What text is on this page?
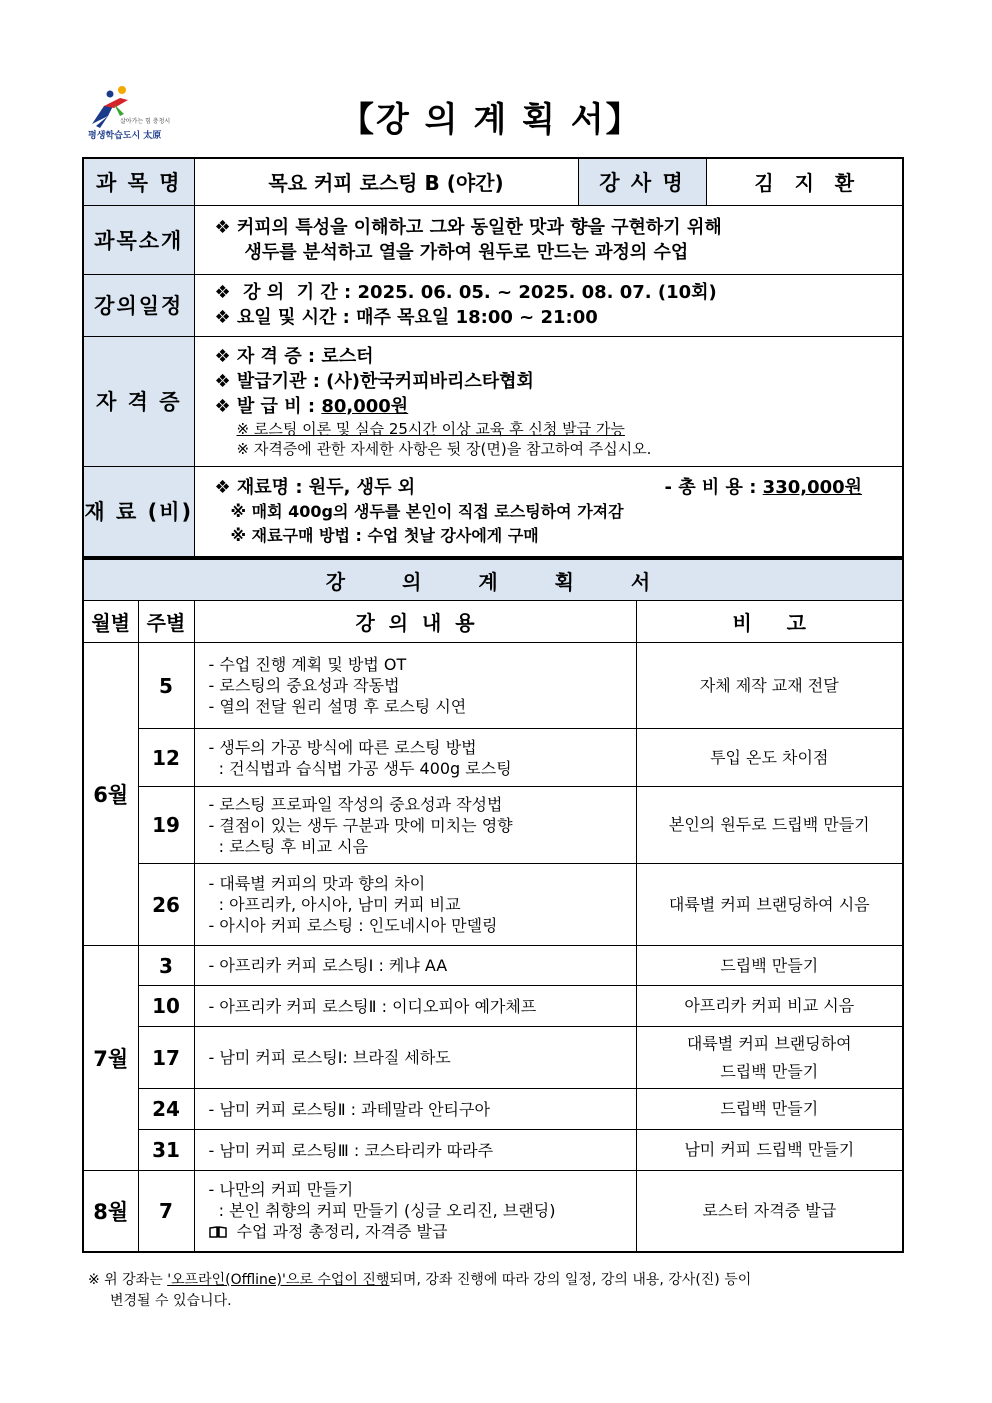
살아가는 힘 충청시
평생학습도시 太原	【강 의 계 획 서】
과 목 명	목요 커피 로스팅 B (야간)	강 사 명	김   지   환
과목소개	❖ 커피의 특성을 이해하고 그와 동일한 맛과 향을 구현하기 위해
생두를 분석하고 열을 가하여 원두로 만드는 과정의 수업		

강의일정	❖  강 의  기 간 : 2025. 06. 05. ~ 2025. 08. 07. (10회)
❖ 요일 및 시간 : 매주 목요일 18:00 ~ 21:00		

자 격 증	❖ 자 격 증 : 로스터
❖ 발급기관 : (사)한국커피바리스타협회
❖ 발 급 비 : 80,000원
※ 로스팅 이론 및 실습 25시간 이상 교육 후 신청 발급 가능
※ 자격증에 관한 자세한 사항은 뒷 장(면)을 참고하여 주십시오.		

재 료 (비)	❖ 재료명 : 원두, 생두 외 - 총 비 용 : 330,000원
※ 매회 400g의 생두를 본인이 직접 로스팅하여 가져감
※ 재료구매 방법 : 수업 첫날 강사에게 구매		
강 의 계 획 서			
월별	주별	강  의  내  용	비     고
6월	5	- 수업 진행 계획 및 방법 OT
- 로스팅의 중요성과 작동법
- 열의 전달 원리 설명 후 로스팅 시연	자체 제작 교재 전달

	12	- 생두의 가공 방식에 따른 로스팅 방법
: 건식법과 습식법 가공 생두 400g 로스팅	투입 온도 차이점

	19	- 로스팅 프로파일 작성의 중요성과 작성법
- 결점이 있는 생두 구분과 맛에 미치는 영향
: 로스팅 후 비교 시음	본인의 원두로 드립백 만들기

	26	- 대륙별 커피의 맛과 향의 차이
: 아프리카, 아시아, 남미 커피 비교
- 아시아 커피 로스팅 : 인도네시아 만델링	대륙별 커피 브랜딩하여 시음

7월	3	- 아프리카 커피 로스팅Ⅰ : 케냐 AA	드립백 만들기

	10	- 아프리카 커피 로스팅Ⅱ : 이디오피아 예가체프	아프리카 커피 비교 시음

	17	- 남미 커피 로스팅Ⅰ: 브라질 세하도	대륙별 커피 브랜딩하여
드립백 만들기

	24	- 남미 커피 로스팅Ⅱ : 과테말라 안티구아	드립백 만들기

	31	- 남미 커피 로스팅Ⅲ : 코스타리카 따라주	남미 커피 드립백 만들기

8월	7	- 나만의 커피 만들기
: 본인 취향의 커피 만들기 (싱글 오리진, 브랜딩)
수업 과정 총정리, 자격증 발급	로스터 자격증 발급
※ 위 강좌는 '오프라인(Offline)'으로 수업이 진행되며, 강좌 진행에 따라 강의 일정, 강의 내용, 강사(진) 등이
변경될 수 있습니다.
